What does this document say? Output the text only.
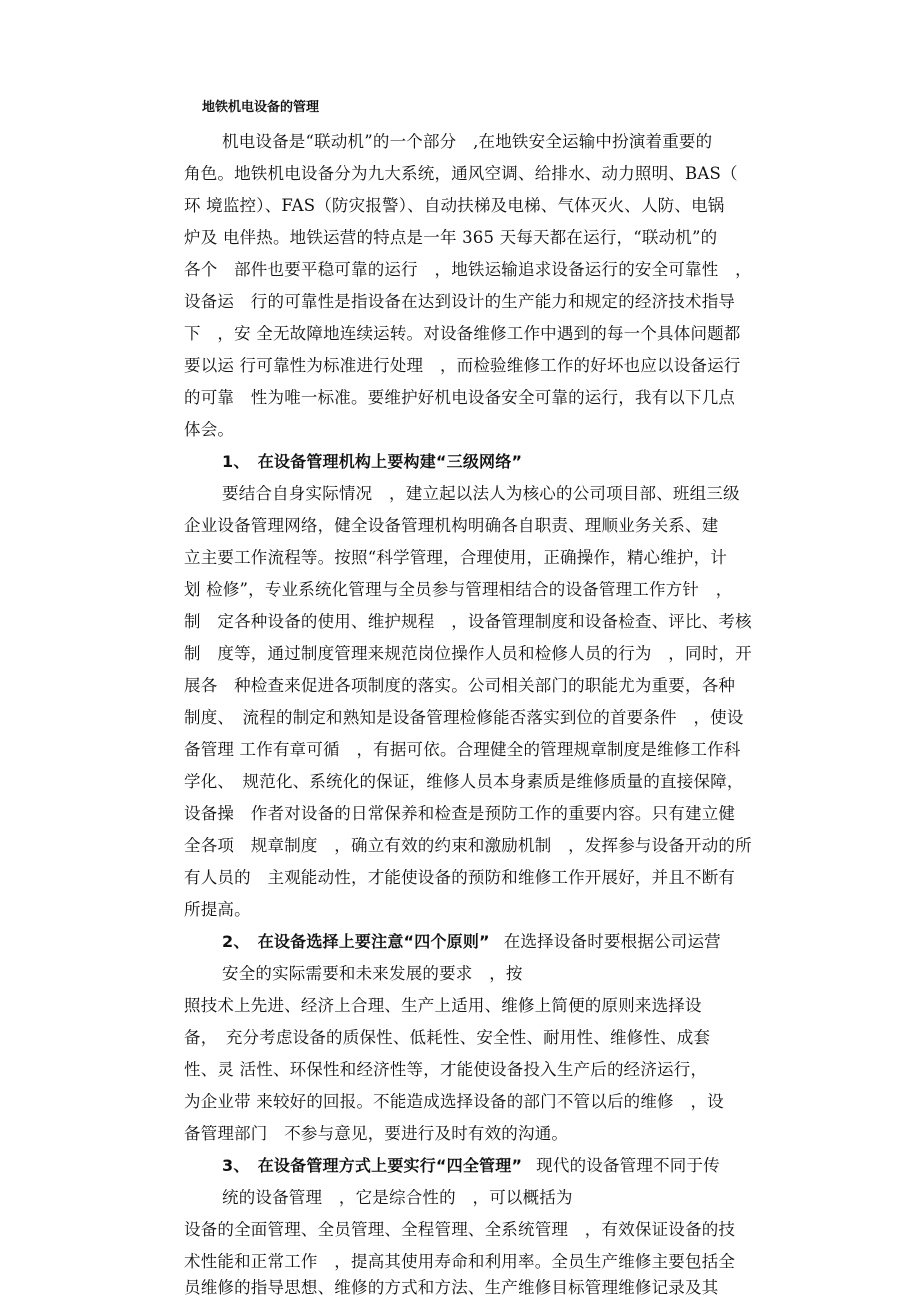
地铁机电设备的管理
机电设备是“联动机”的一个部分　,在地铁安全运输中扮演着重要的
角色。地铁机电设备分为九大系统，通风空调、给排水、动力照明、BAS（
环 境监控）、FAS（防灾报警）、自动扶梯及电梯、气体灭火、人防、电锅
炉及 电伴热。地铁运营的特点是一年 365 天每天都在运行，“联动机”的
各个　部件也要平稳可靠的运行　，地铁运输追求设备运行的安全可靠性　，
设备运　行的可靠性是指设备在达到设计的生产能力和规定的经济技术指导
下　，安 全无故障地连续运转。对设备维修工作中遇到的每一个具体问题都
要以运 行可靠性为标准进行处理　，而检验维修工作的好坏也应以设备运行
的可靠　性为唯一标准。要维护好机电设备安全可靠的运行，我有以下几点
体会。
1、　在设备管理机构上要构建“三级网络”
要结合自身实际情况　，建立起以法人为核心的公司项目部、班组三级
企业设备管理网络，健全设备管理机构明确各自职责、理顺业务关系、建
立主要工作流程等。按照“科学管理，合理使用，正确操作，精心维护，计
划 检修”，专业系统化管理与全员参与管理相结合的设备管理工作方针　，
制　定各种设备的使用、维护规程　，设备管理制度和设备检查、评比、考核
制　度等，通过制度管理来规范岗位操作人员和检修人员的行为　，同时，开
展各　种检查来促进各项制度的落实。公司相关部门的职能尤为重要，各种
制度、　流程的制定和熟知是设备管理检修能否落实到位的首要条件　，使设
备管理 工作有章可循　，有据可依。合理健全的管理规章制度是维修工作科
学化、　规范化、系统化的保证，维修人员本身素质是维修质量的直接保障，
设备操　作者对设备的日常保养和检查是预防工作的重要内容。只有建立健
全各项　规章制度　，确立有效的约束和激励机制　，发挥参与设备开动的所
有人员的　主观能动性，才能使设备的预防和维修工作开展好，并且不断有
所提高。
2、　在设备选择上要注意“四个原则” 在选择设备时要根据公司运营
安全的实际需要和未来发展的要求　，按
照技术上先进、经济上合理、生产上适用、维修上简便的原则来选择设
备，　充分考虑设备的质保性、低耗性、安全性、耐用性、维修性、成套
性、灵 活性、环保性和经济性等，才能使设备投入生产后的经济运行，
为企业带 来较好的回报。不能造成选择设备的部门不管以后的维修　，设
备管理部门　不参与意见，要进行及时有效的沟通。
3、　在设备管理方式上要实行“四全管理” 现代的设备管理不同于传
统的设备管理　，它是综合性的　，可以概括为
设备的全面管理、全员管理、全程管理、全系统管理　，有效保证设备的技
术性能和正常工作　，提高其使用寿命和利用率。全员生产维修主要包括全
员维修的指导思想、维修的方式和方法、生产维修目标管理维修记录及其
